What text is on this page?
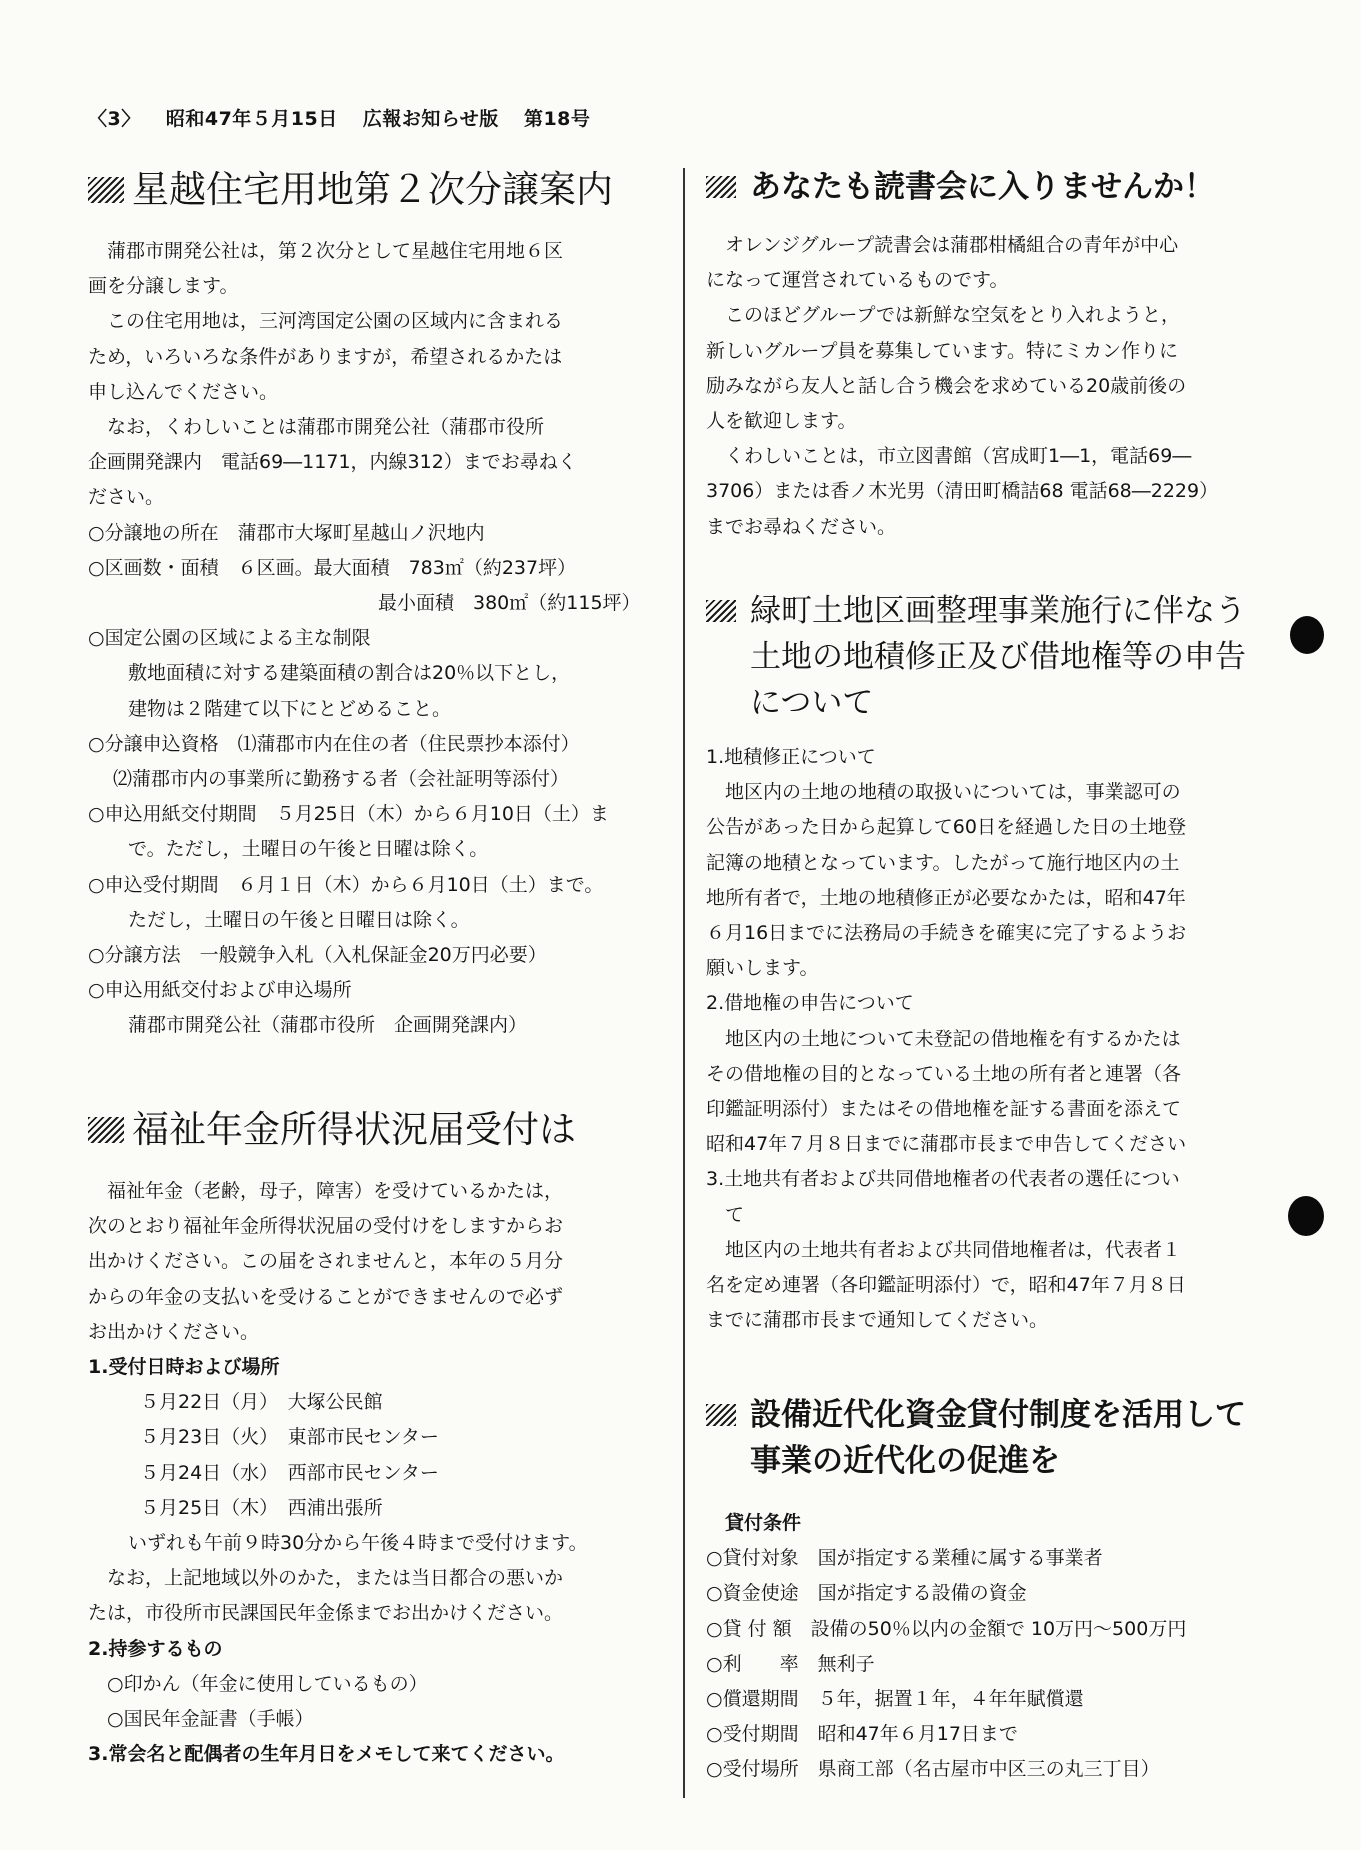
〈3〉 昭和47年５月15日 広報お知らせ版 第18号
星越住宅用地第２次分譲案内

蒲郡市開発公社は，第２次分として星越住宅用地６区

画を分譲します。

この住宅用地は，三河湾国定公園の区域内に含まれる

ため，いろいろな条件がありますが，希望されるかたは

申し込んでください。

なお，くわしいことは蒲郡市開発公社（蒲郡市役所

企画開発課内　電話69―1171，内線312）までお尋ねく

ださい。

○分譲地の所在　蒲郡市大塚町星越山ノ沢地内

○区画数・面積　６区画。最大面積　783㎡（約237坪）

最小面積　380㎡（約115坪）

○国定公園の区域による主な制限

敷地面積に対する建築面積の割合は20％以下とし，

建物は２階建て以下にとどめること。

○分譲申込資格　⑴蒲郡市内在住の者（住民票抄本添付）

⑵蒲郡市内の事業所に勤務する者（会社証明等添付）

○申込用紙交付期間　５月25日（木）から６月10日（土）ま

で。ただし，土曜日の午後と日曜は除く。

○申込受付期間　６月１日（木）から６月10日（土）まで。

ただし，土曜日の午後と日曜日は除く。

○分譲方法　一般競争入札（入札保証金20万円必要）

○申込用紙交付および申込場所

蒲郡市開発公社（蒲郡市役所　企画開発課内）

福祉年金所得状況届受付は

福祉年金（老齢，母子，障害）を受けているかたは，

次のとおり福祉年金所得状況届の受付けをしますからお

出かけください。この届をされませんと，本年の５月分

からの年金の支払いを受けることができませんので必ず

お出かけください。

1.受付日時および場所

５月22日（月）　大塚公民館

５月23日（火）　東部市民センター

５月24日（水）　西部市民センター

５月25日（木）　西浦出張所

いずれも午前９時30分から午後４時まで受付けます。

なお，上記地域以外のかた，または当日都合の悪いか

たは，市役所市民課国民年金係までお出かけください。

2.持参するもの

○印かん（年金に使用しているもの）

○国民年金証書（手帳）

3.常会名と配偶者の生年月日をメモして来てください。

あなたも読書会に入りませんか！

オレンジグループ読書会は蒲郡柑橘組合の青年が中心

になって運営されているものです。

このほどグループでは新鮮な空気をとり入れようと，

新しいグループ員を募集しています。特にミカン作りに

励みながら友人と話し合う機会を求めている20歳前後の

人を歓迎します。

くわしいことは，市立図書館（宮成町1―1，電話69―

3706）または香ノ木光男（清田町橋詰68 電話68―2229）

までお尋ねください。

緑町土地区画整理事業施行に伴なう
土地の地積修正及び借地権等の申告
について

1.地積修正について

地区内の土地の地積の取扱いについては，事業認可の

公告があった日から起算して60日を経過した日の土地登

記簿の地積となっています。したがって施行地区内の土

地所有者で，土地の地積修正が必要なかたは，昭和47年

６月16日までに法務局の手続きを確実に完了するようお

願いします。

2.借地権の申告について

地区内の土地について未登記の借地権を有するかたは

その借地権の目的となっている土地の所有者と連署（各

印鑑証明添付）またはその借地権を証する書面を添えて

昭和47年７月８日までに蒲郡市長まで申告してください

3.土地共有者および共同借地権者の代表者の選任につい

て

地区内の土地共有者および共同借地権者は，代表者１

名を定め連署（各印鑑証明添付）で，昭和47年７月８日

までに蒲郡市長まで通知してください。

設備近代化資金貸付制度を活用して
事業の近代化の促進を

貸付条件

○貸付対象　国が指定する業種に属する事業者

○資金使途　国が指定する設備の資金

○貸 付 額　設備の50％以内の金額で 10万円～500万円

○利　　率　無利子

○償還期間　５年，据置１年，４年年賦償還

○受付期間　昭和47年６月17日まで

○受付場所　県商工部（名古屋市中区三の丸三丁目）
